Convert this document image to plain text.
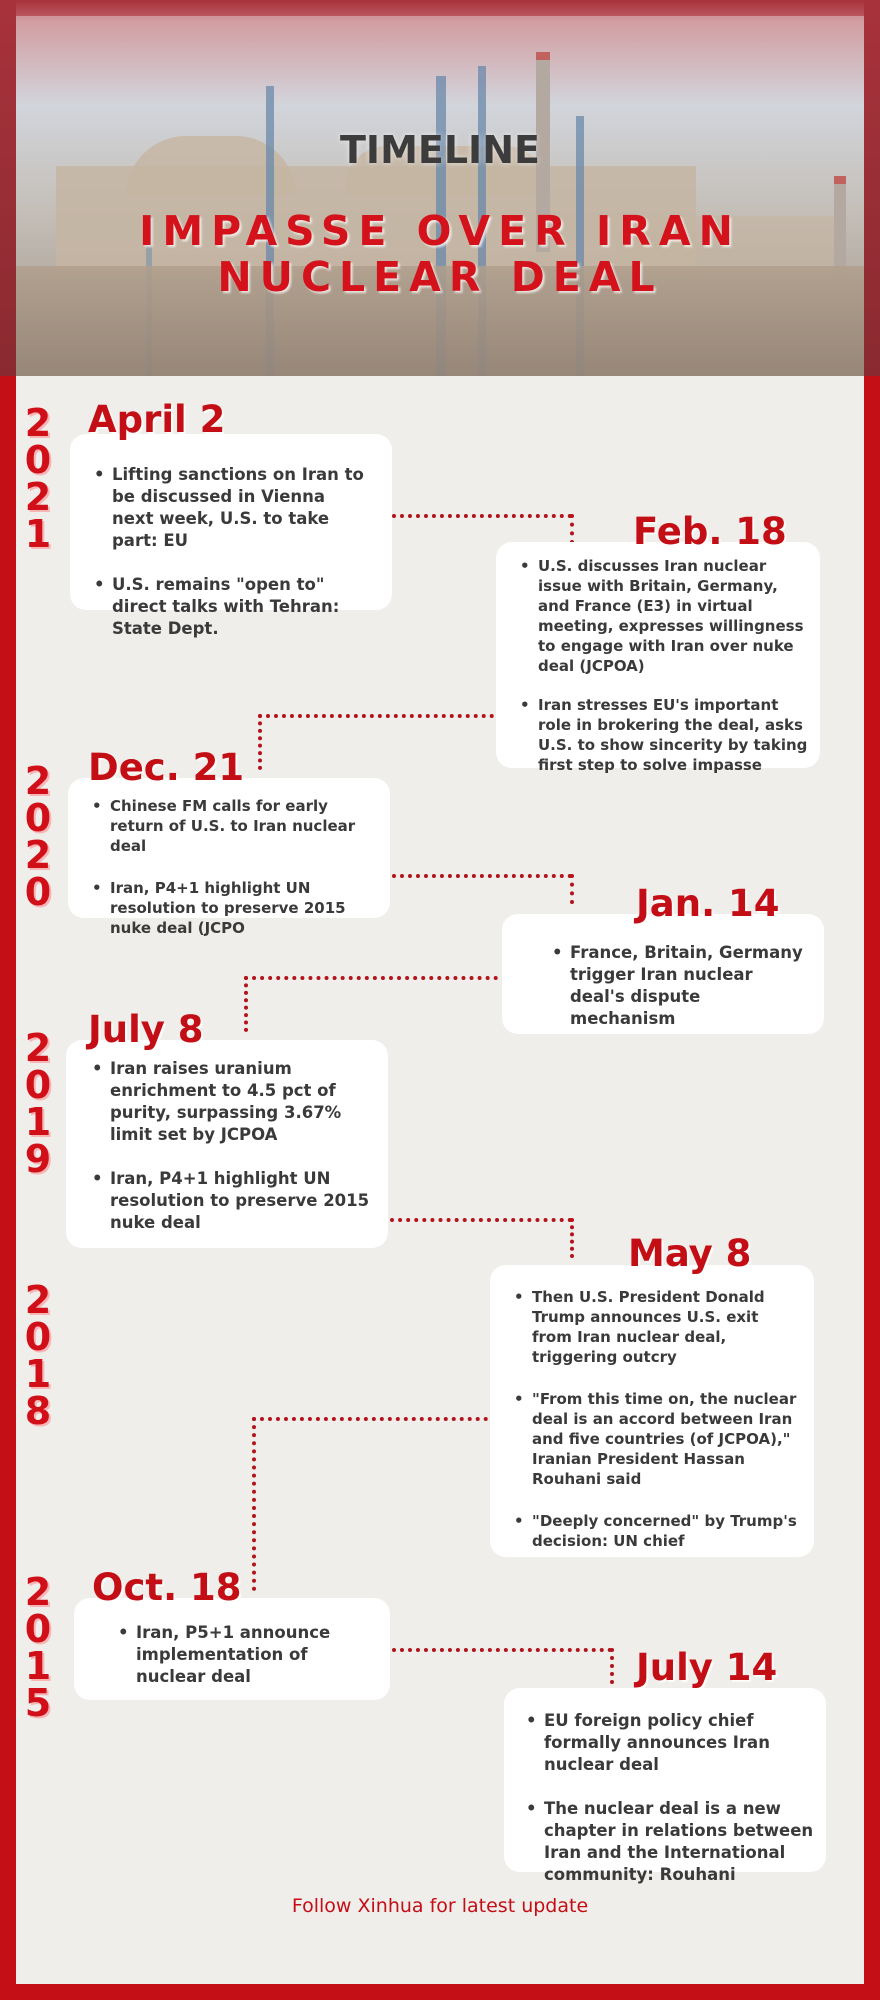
TIMELINE
IMPASSE OVER IRAN NUCLEAR DEAL
2
0
2
1
2
0
2
0
2
0
1
9
2
0
1
8
2
0
1
5
• Lifting sanctions on Iran to be discussed in Vienna next week, U.S. to take part: EU
• U.S. remains "open to" direct talks with Tehran: State Dept.
April 2
• U.S. discusses Iran nuclear issue with Britain, Germany, and France (E3) in virtual meeting, expresses willingness to engage with Iran over nuke deal (JCPOA)
• Iran stresses EU's important role in brokering the deal, asks U.S. to show sincerity by taking first step to solve impasse
Feb. 18
• Chinese FM calls for early return of U.S. to Iran nuclear deal
• Iran, P4+1 highlight UN resolution to preserve 2015 nuke deal (JCPO
Dec. 21
• France, Britain, Germany trigger Iran nuclear deal's dispute mechanism
Jan. 14
• Iran raises uranium enrichment to 4.5 pct of purity, surpassing 3.67% limit set by JCPOA
• Iran, P4+1 highlight UN resolution to preserve 2015 nuke deal
July 8
• Then U.S. President Donald Trump announces U.S. exit from Iran nuclear deal, triggering outcry
• "From this time on, the nuclear deal is an accord between Iran and five countries (of JCPOA)," Iranian President Hassan Rouhani said
• "Deeply concerned" by Trump's decision: UN chief
May 8
• Iran, P5+1 announce implementation of nuclear deal
Oct. 18
• EU foreign policy chief formally announces Iran nuclear deal
• The nuclear deal is a new chapter in relations between Iran and the International community: Rouhani
July 14
Follow Xinhua for latest update
